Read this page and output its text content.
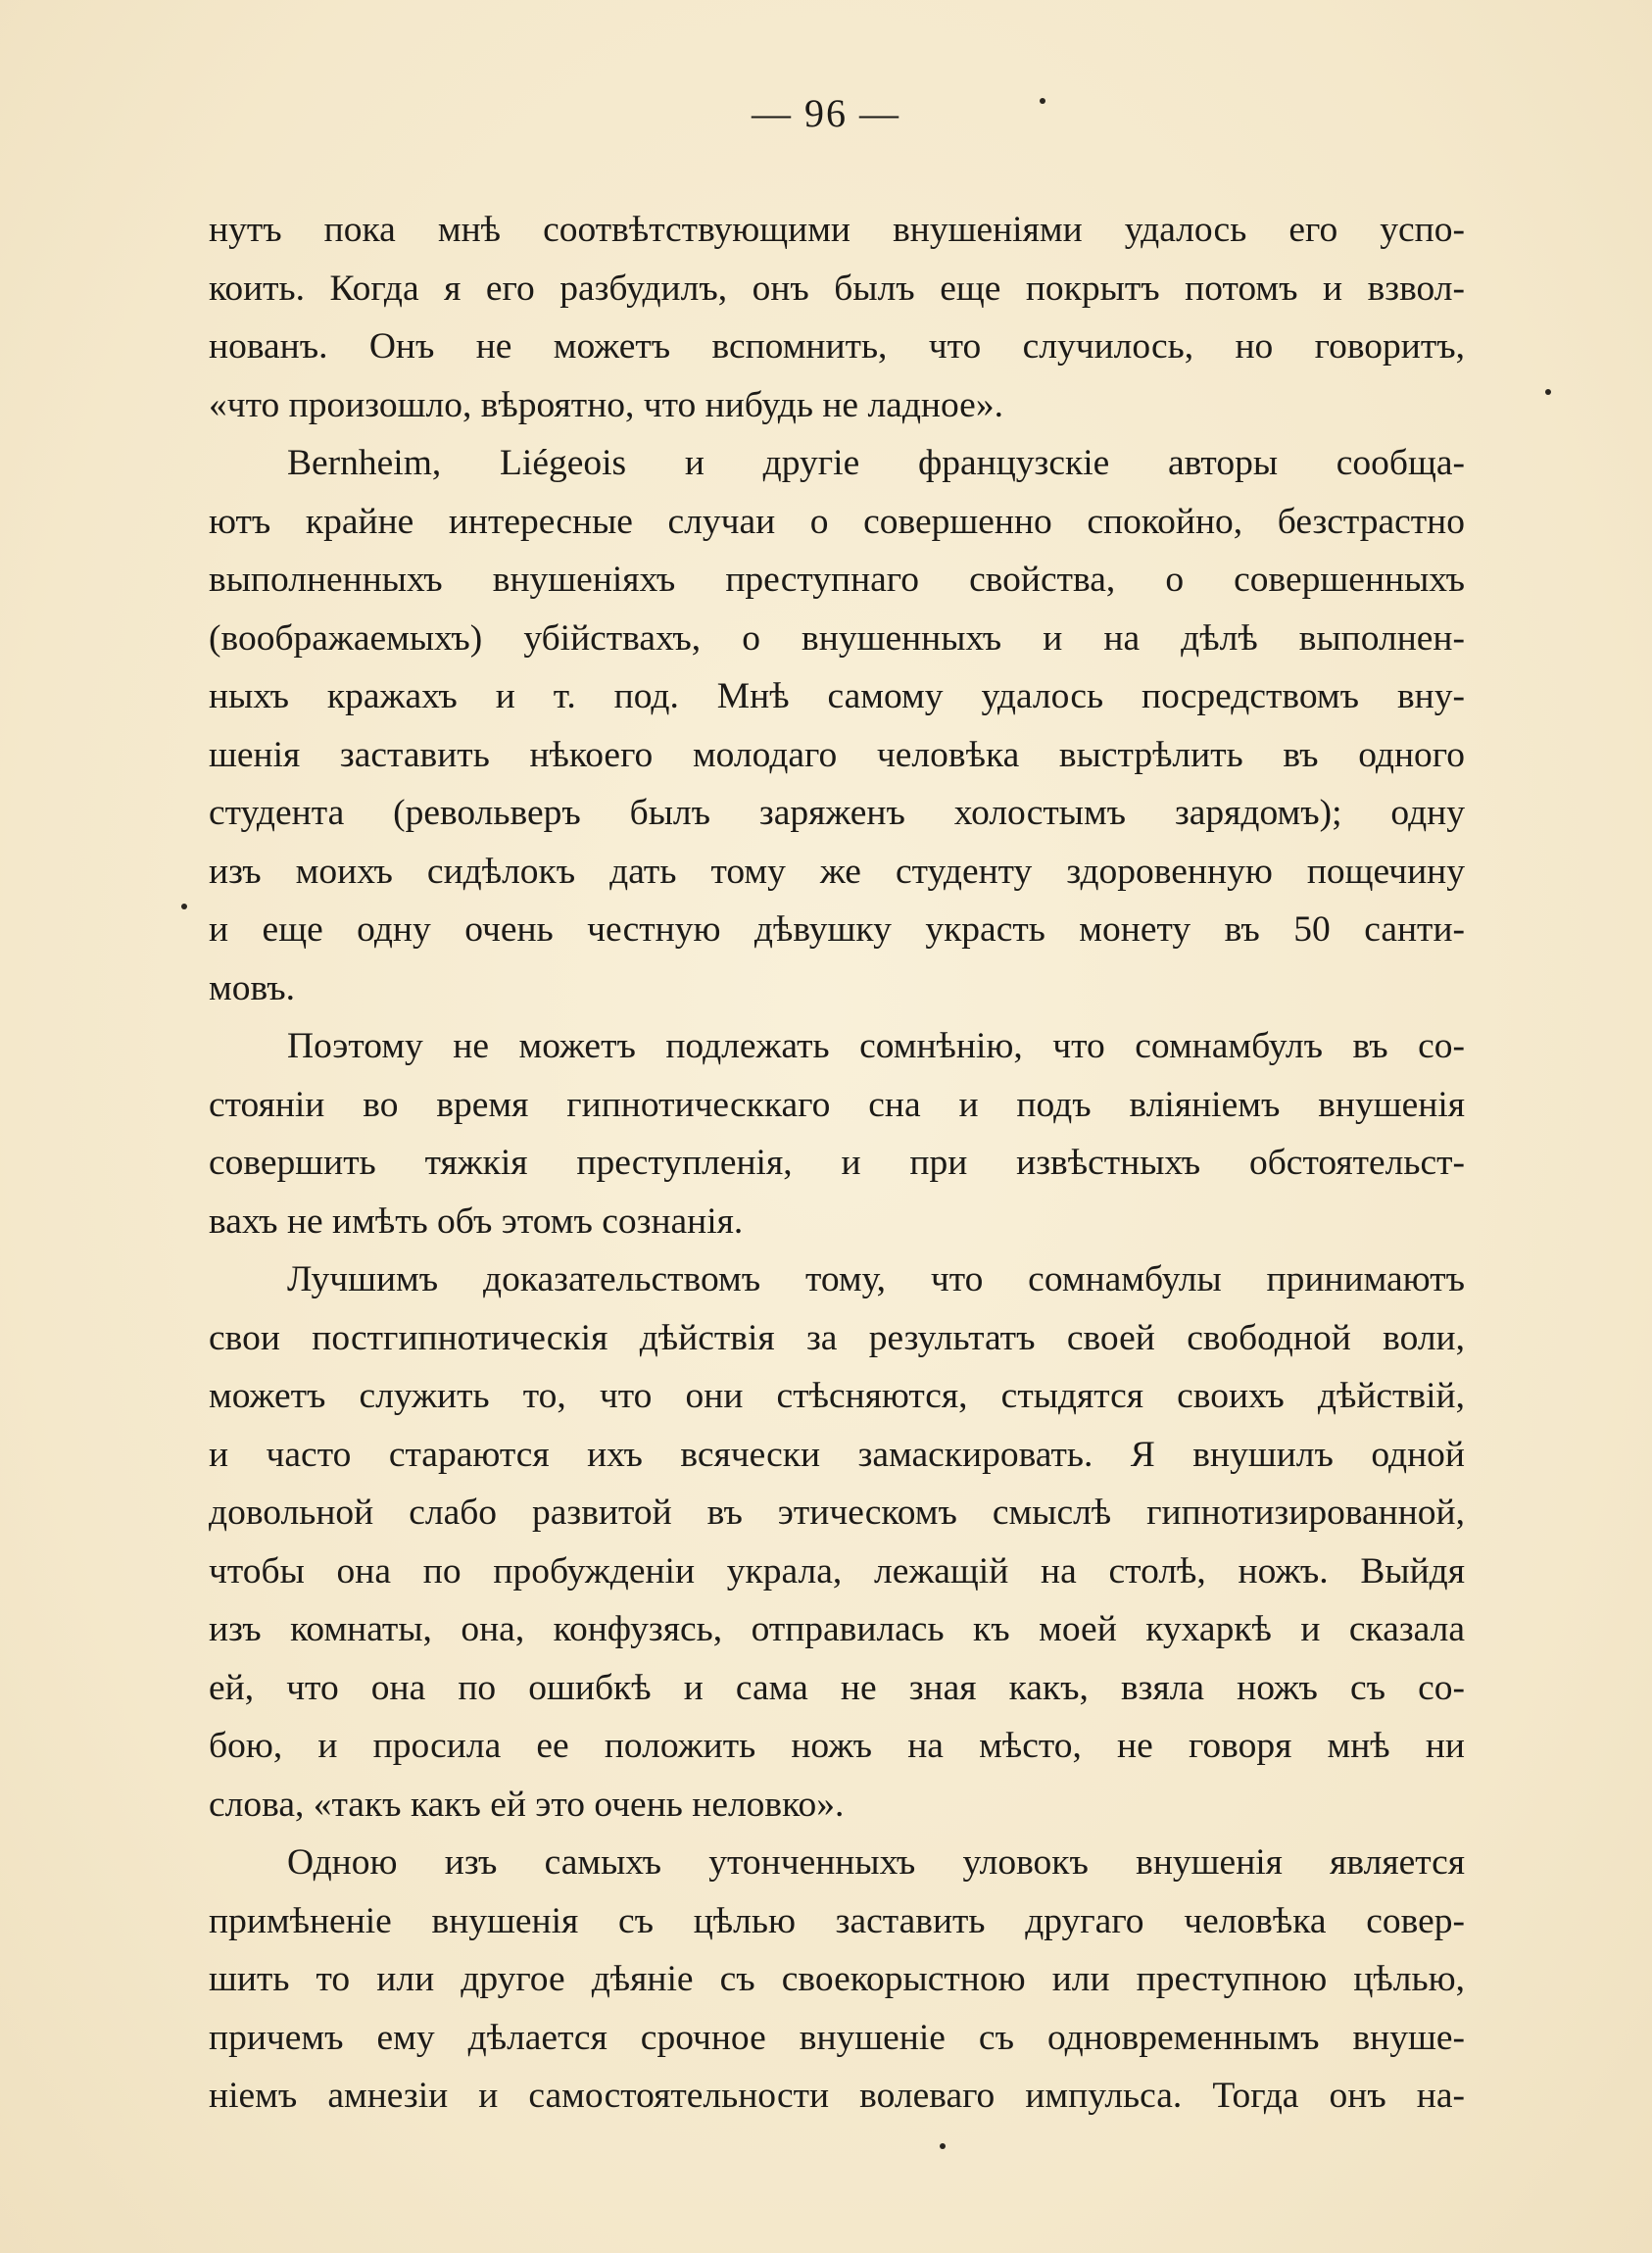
— 96 —
нутъ пока мнѣ соотвѣтствующими внушеніями удалось его успо-
коить. Когда я его разбудилъ, онъ былъ еще покрытъ потомъ и взвол-
нованъ. Онъ не можетъ вспомнить, что случилось, но говоритъ,
«что произошло, вѣроятно, что нибудь не ладное».
Bernheim, Liégeois и другіе французскіе авторы сообща-
ютъ крайне интересные случаи о совершенно спокойно, безстрастно
выполненныхъ внушеніяхъ преступнаго свойства, о совершенныхъ
(воображаемыхъ) убійствахъ, о внушенныхъ и на дѣлѣ выполнен-
ныхъ кражахъ и т. под. Мнѣ самому удалось посредствомъ вну-
шенія заставить нѣкоего молодаго человѣка выстрѣлить въ одного
студента (револьверъ былъ заряженъ холостымъ зарядомъ); одну
изъ моихъ сидѣлокъ дать тому же студенту здоровенную пощечину
и еще одну очень честную дѣвушку украсть монету въ 50 санти-
мовъ.
Поэтому не можетъ подлежать сомнѣнію, что сомнамбулъ въ со-
стояніи во время гипнотическкаго сна и подъ вліяніемъ внушенія
совершить тяжкія преступленія, и при извѣстныхъ обстоятельст-
вахъ не имѣть объ этомъ сознанія.
Лучшимъ доказательствомъ тому, что сомнамбулы принимаютъ
свои постгипнотическія дѣйствія за результатъ своей свободной воли,
можетъ служить то, что они стѣсняются, стыдятся своихъ дѣйствій,
и часто стараются ихъ всячески замаскировать. Я внушилъ одной
довольной слабо развитой въ этическомъ смыслѣ гипнотизированной,
чтобы она по пробужденіи украла, лежащій на столѣ, ножъ. Выйдя
изъ комнаты, она, конфузясь, отправилась къ моей кухаркѣ и сказала
ей, что она по ошибкѣ и сама не зная какъ, взяла ножъ съ со-
бою, и просила ее положить ножъ на мѣсто, не говоря мнѣ ни
слова, «такъ какъ ей это очень неловко».
Одною изъ самыхъ утонченныхъ уловокъ внушенія является
примѣненіе внушенія съ цѣлью заставить другаго человѣка совер-
шить то или другое дѣяніе съ своекорыстною или преступною цѣлью,
причемъ ему дѣлается срочное внушеніе съ одновременнымъ внуше-
ніемъ амнезіи и самостоятельности волеваго импульса. Тогда онъ на-
